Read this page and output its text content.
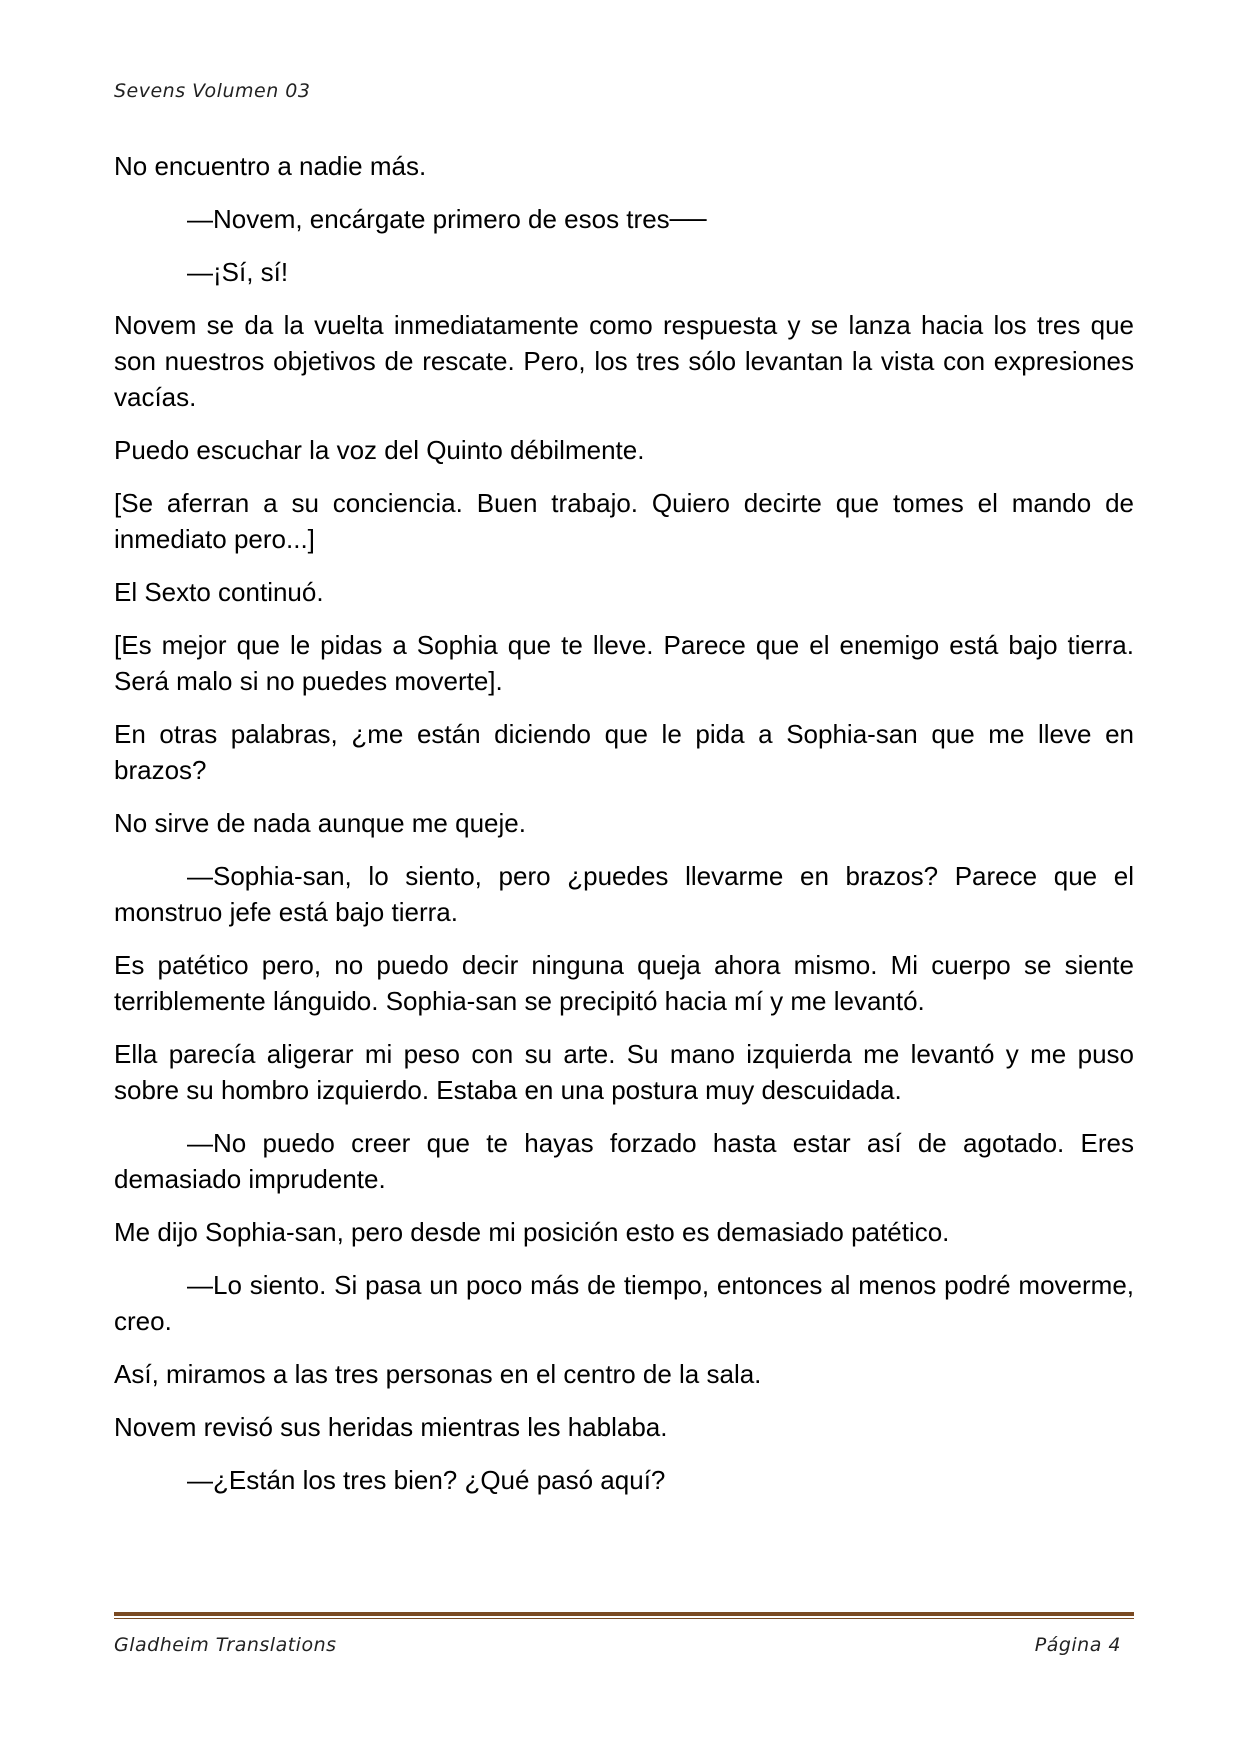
Sevens Volumen 03

No encuentro a nadie más.

—Novem, encárgate primero de esos tres──

—¡Sí, sí!

Novem se da la vuelta inmediatamente como respuesta y se lanza hacia los tres que son nuestros objetivos de rescate. Pero, los tres sólo levantan la vista con expresiones vacías.

Puedo escuchar la voz del Quinto débilmente.

[Se aferran a su conciencia. Buen trabajo. Quiero decirte que tomes el mando de inmediato pero...]

El Sexto continuó.

[Es mejor que le pidas a Sophia que te lleve. Parece que el enemigo está bajo tierra. Será malo si no puedes moverte].

En otras palabras, ¿me están diciendo que le pida a Sophia-san que me lleve en brazos?

No sirve de nada aunque me queje.

—Sophia-san, lo siento, pero ¿puedes llevarme en brazos? Parece que el monstruo jefe está bajo tierra.

Es patético pero, no puedo decir ninguna queja ahora mismo. Mi cuerpo se siente terriblemente lánguido. Sophia-san se precipitó hacia mí y me levantó.

Ella parecía aligerar mi peso con su arte. Su mano izquierda me levantó y me puso sobre su hombro izquierdo. Estaba en una postura muy descuidada.

—No puedo creer que te hayas forzado hasta estar así de agotado. Eres demasiado imprudente.

Me dijo Sophia-san, pero desde mi posición esto es demasiado patético.

—Lo siento. Si pasa un poco más de tiempo, entonces al menos podré moverme, creo.

Así, miramos a las tres personas en el centro de la sala.

Novem revisó sus heridas mientras les hablaba.

—¿Están los tres bien? ¿Qué pasó aquí?

Gladheim Translations	Página 4
